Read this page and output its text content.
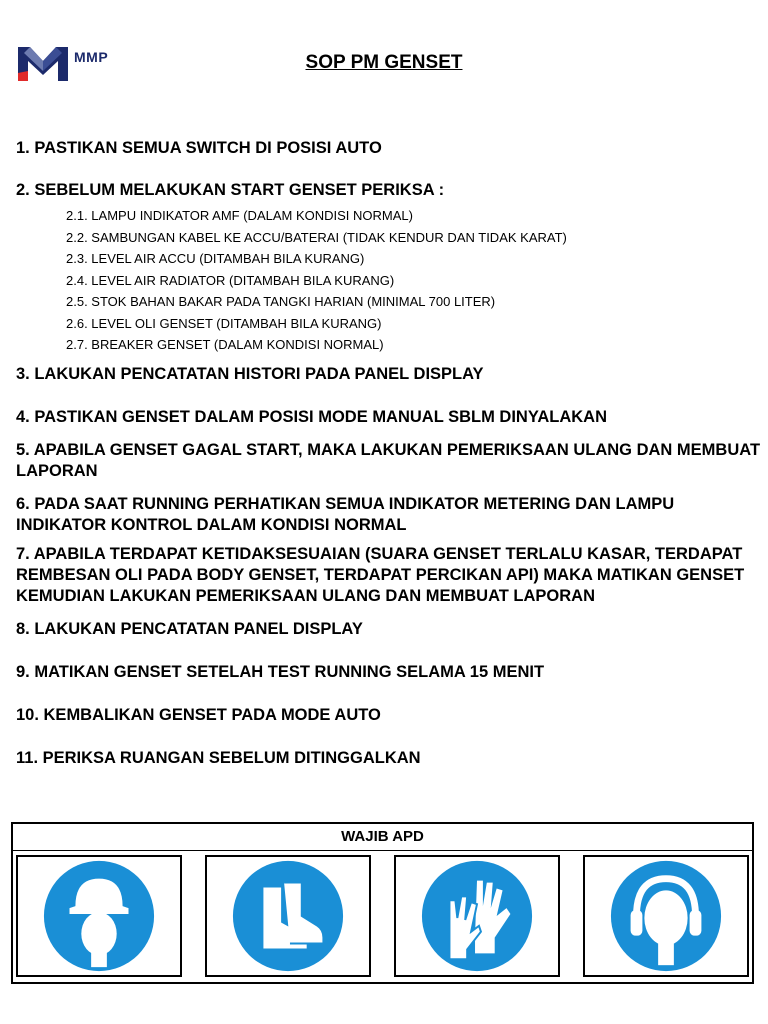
MMP	SOP PM GENSET

1. PASTIKAN SEMUA SWITCH DI POSISI AUTO

2. SEBELUM MELAKUKAN START GENSET PERIKSA :

2.1. LAMPU INDIKATOR AMF (DALAM KONDISI NORMAL)
2.2. SAMBUNGAN KABEL KE ACCU/BATERAI (TIDAK KENDUR DAN TIDAK KARAT)
2.3. LEVEL AIR ACCU (DITAMBAH BILA KURANG)
2.4. LEVEL AIR RADIATOR (DITAMBAH BILA KURANG)
2.5. STOK BAHAN BAKAR PADA TANGKI HARIAN (MINIMAL 700 LITER)
2.6. LEVEL OLI GENSET (DITAMBAH BILA KURANG)
2.7. BREAKER GENSET (DALAM KONDISI NORMAL)

3. LAKUKAN PENCATATAN HISTORI PADA PANEL DISPLAY

4. PASTIKAN GENSET DALAM POSISI MODE MANUAL SBLM DINYALAKAN

5. APABILA GENSET GAGAL START, MAKA LAKUKAN PEMERIKSAAN ULANG DAN MEMBUAT LAPORAN

6. PADA SAAT RUNNING PERHATIKAN SEMUA INDIKATOR METERING DAN LAMPU INDIKATOR KONTROL DALAM KONDISI NORMAL

7. APABILA TERDAPAT KETIDAKSESUAIAN (SUARA GENSET TERLALU KASAR, TERDAPAT REMBESAN OLI PADA BODY GENSET, TERDAPAT PERCIKAN API) MAKA MATIKAN GENSET KEMUDIAN LAKUKAN PEMERIKSAAN ULANG DAN MEMBUAT LAPORAN

8. LAKUKAN PENCATATAN PANEL DISPLAY

9. MATIKAN GENSET SETELAH TEST RUNNING SELAMA 15 MENIT

10. KEMBALIKAN GENSET PADA MODE AUTO

11. PERIKSA RUANGAN SEBELUM DITINGGALKAN

WAJIB APD
